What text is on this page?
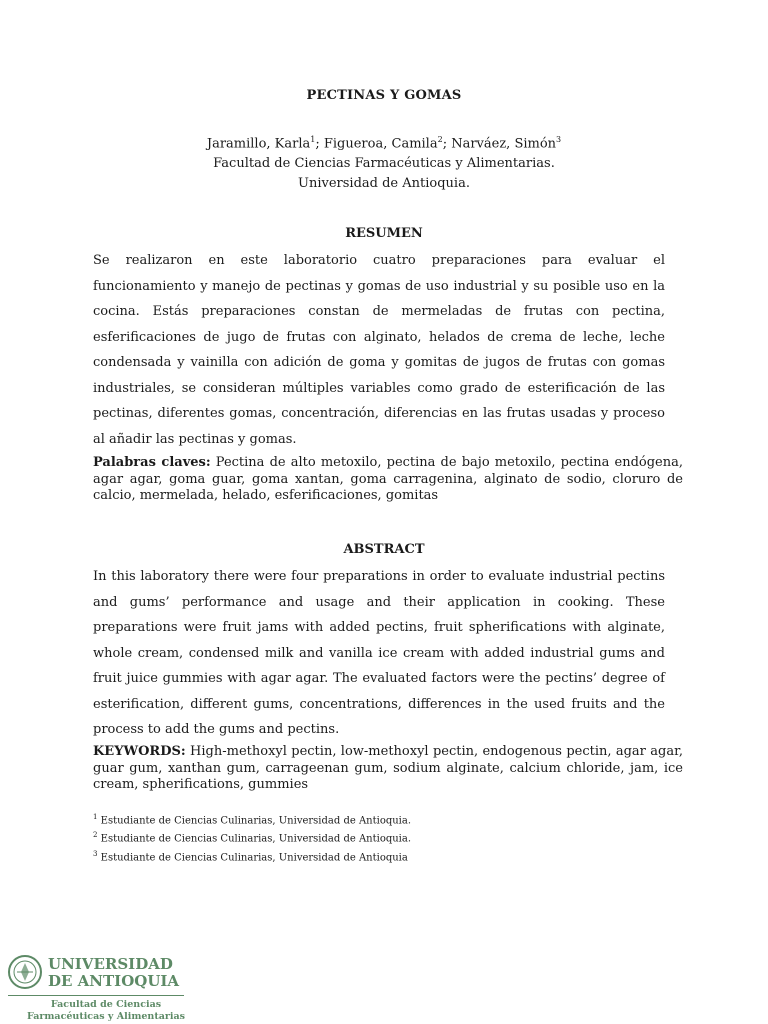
PECTINAS Y GOMAS
Jaramillo, Karla$^1$; Figueroa, Camila$^2$; Narváez, Simón$^3$
Facultad de Ciencias Farmacéuticas y Alimentarias.
Universidad de Antioquia.
RESUMEN
Se realizaron en este laboratorio cuatro preparaciones para evaluar el funcionamiento y manejo de pectinas y gomas de uso industrial y su posible uso en la cocina. Estás preparaciones constan de mermeladas de frutas con pectina, esferificaciones de jugo de frutas con alginato, helados de crema de leche, leche condensada y vainilla con adición de goma y gomitas de jugos de frutas con gomas industriales, se consideran múltiples variables como grado de esterificación de las pectinas, diferentes gomas, concentración, diferencias en las frutas usadas y proceso al añadir las pectinas y gomas.
Palabras claves: Pectina de alto metoxilo, pectina de bajo metoxilo, pectina endógena, agar agar, goma guar, goma xantan, goma carragenina, alginato de sodio, cloruro de calcio, mermelada, helado, esferificaciones, gomitas
ABSTRACT
In this laboratory there were four preparations in order to evaluate industrial pectins and gums’ performance and usage and their application in cooking. These preparations were fruit jams with added pectins, fruit spherifications with alginate, whole cream, condensed milk and vanilla ice cream with added industrial gums and fruit juice gummies with agar agar. The evaluated factors were the pectins’ degree of esterification, different gums, concentrations, differences in the used fruits and the process to add the gums and pectins.
KEYWORDS: High-methoxyl pectin, low-methoxyl pectin, endogenous pectin, agar agar, guar gum, xanthan gum, carrageenan gum, sodium alginate, calcium chloride, jam, ice cream, spherifications, gummies
$^1$ Estudiante de Ciencias Culinarias, Universidad de Antioquia.
$^2$ Estudiante de Ciencias Culinarias, Universidad de Antioquia.
$^3$ Estudiante de Ciencias Culinarias, Universidad de Antioquia
UNIVERSIDAD
DE ANTIOQUIA
Facultad de Ciencias
Farmacéuticas y Alimentarias
